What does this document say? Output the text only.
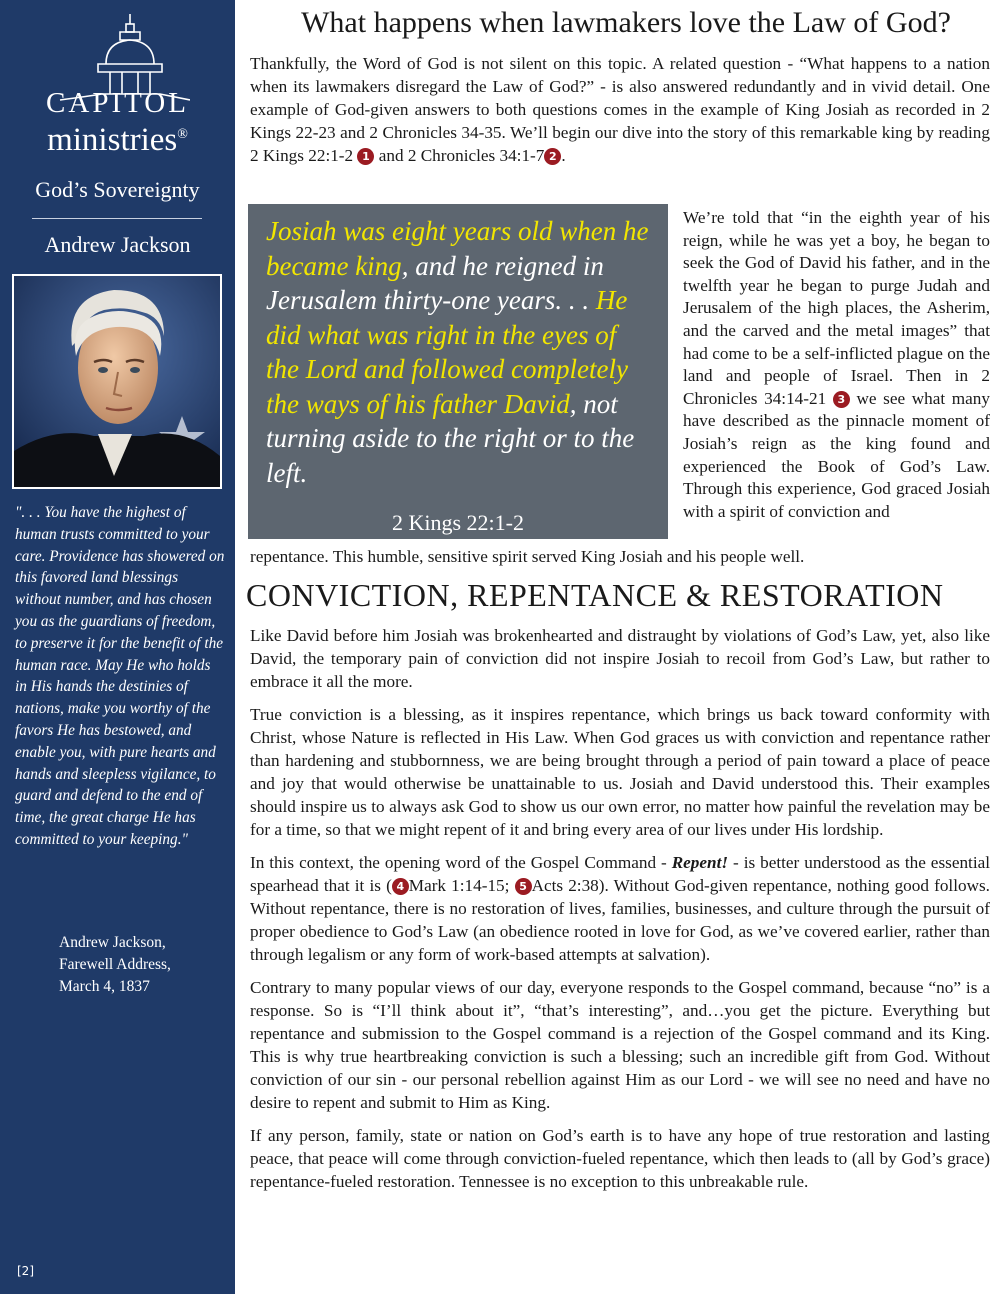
CAPITOL
ministries®
God’s Sovereignty
Andrew Jackson
". . . You have the highest of human trusts committed to your care. Providence has showered on this favored land blessings without number, and has chosen you as the guardians of freedom, to preserve it for the benefit of the human race. May He who holds in His hands the destinies of nations, make you worthy of the favors He has bestowed, and enable you, with pure hearts and hands and sleepless vigilance, to guard and defend to the end of time, the great charge He has committed to your keeping."
Andrew Jackson,
Farewell Address,
March 4, 1837
[2]
What happens when lawmakers love the Law of God?

Thankfully, the Word of God is not silent on this topic. A related question - “What happens to a nation when its lawmakers disregard the Law of God?” - is also answered redundantly and in vivid detail. One example of God-given answers to both questions comes in the example of King Josiah as recorded in 2 Kings 22-23 and 2 Chronicles 34-35. We’ll begin our dive into the story of this remarkable king by reading 2 Kings 22:1-2 1 and 2 Chronicles 34:1-7 2 .

Josiah was eight years old when he became king, and he reigned in Jerusalem thirty-one years. . . He did what was right in the eyes of the Lord and followed completely the ways of his father David, not turning aside to the right or to the left.

2 Kings 22:1-2

We’re told that “in the eighth year of his reign, while he was yet a boy, he began to seek the God of David his father, and in the twelfth year he began to purge Judah and Jerusalem of the high places, the Asherim, and the carved and the metal images” that had come to be a self-inflicted plague on the land and people of Israel. Then in 2 Chronicles 34:14-21 3 we see what many have described as the pinnacle moment of Josiah’s reign as the king found and experienced the Book of God’s Law. Through this experience, God graced Josiah with a spirit of conviction and

repentance. This humble, sensitive spirit served King Josiah and his people well.

CONVICTION, REPENTANCE & RESTORATION

Like David before him Josiah was brokenhearted and distraught by violations of God’s Law, yet, also like David, the temporary pain of conviction did not inspire Josiah to recoil from God’s Law, but rather to embrace it all the more.

True conviction is a blessing, as it inspires repentance, which brings us back toward conformity with Christ, whose Nature is reflected in His Law. When God graces us with conviction and repentance rather than hardening and stubbornness, we are being brought through a period of pain toward a place of peace and joy that would otherwise be unattainable to us. Josiah and David understood this. Their examples should inspire us to always ask God to show us our own error, no matter how painful the revelation may be for a time, so that we might repent of it and bring every area of our lives under His lordship.

In this context, the opening word of the Gospel Command - Repent! - is better understood as the essential spearhead that it is ( 4 Mark 1:14-15; 5 Acts 2:38). Without God-given repentance, nothing good follows. Without repentance, there is no restoration of lives, families, businesses, and culture through the pursuit of proper obedience to God’s Law (an obedience rooted in love for God, as we’ve covered earlier, rather than through legalism or any form of work-based attempts at salvation).

Contrary to many popular views of our day, everyone responds to the Gospel command, because “no” is a response. So is “I’ll think about it”, “that’s interesting”, and…you get the picture. Everything but repentance and submission to the Gospel command is a rejection of the Gospel command and its King. This is why true heartbreaking conviction is such a blessing; such an incredible gift from God. Without conviction of our sin - our personal rebellion against Him as our Lord - we will see no need and have no desire to repent and submit to Him as King.

If any person, family, state or nation on God’s earth is to have any hope of true restoration and lasting peace, that peace will come through conviction-fueled repentance, which then leads to (all by God’s grace) repentance-fueled restoration. Tennessee is no exception to this unbreakable rule.
